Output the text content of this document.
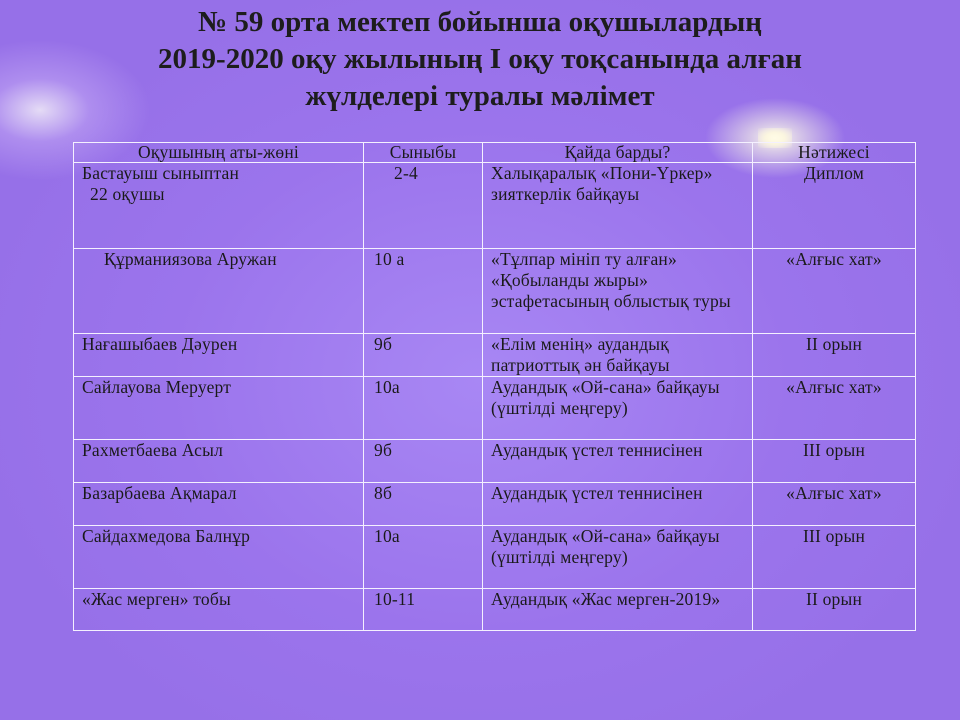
№ 59 орта мектеп бойынша оқушылардың
2019-2020 оқу жылының І оқу тоқсанында алған
жүлделері туралы мәлімет
Оқушының аты-жөні	Сыныбы	Қайда барды?	Нәтижесі

Бастауыш сыныптан
22 оқушы	2-4	Халықаралық «Пони-Үркер» зияткерлік байқауы	Диплом
Құрманиязова Аружан	10 а	«Тұлпар мініп ту алған» «Қобыланды жыры» эстафетасының облыстық туры	«Алғыс хат»
Нағашыбаев Дәурен	9б	«Елім менің» аудандық патриоттық ән байқауы	ІІ орын
Сайлауова Меруерт	10а	Аудандық «Ой-сана» байқауы (үштілді меңгеру)	«Алғыс хат»
Рахметбаева Асыл	9б	Аудандық үстел теннисінен	ІІІ орын
Базарбаева Ақмарал	8б	Аудандық үстел теннисінен	«Алғыс хат»
Сайдахмедова Балнұр	10а	Аудандық «Ой-сана» байқауы (үштілді меңгеру)	ІІІ орын
«Жас мерген» тобы	10-11	Аудандық «Жас мерген-2019»	ІІ орын
